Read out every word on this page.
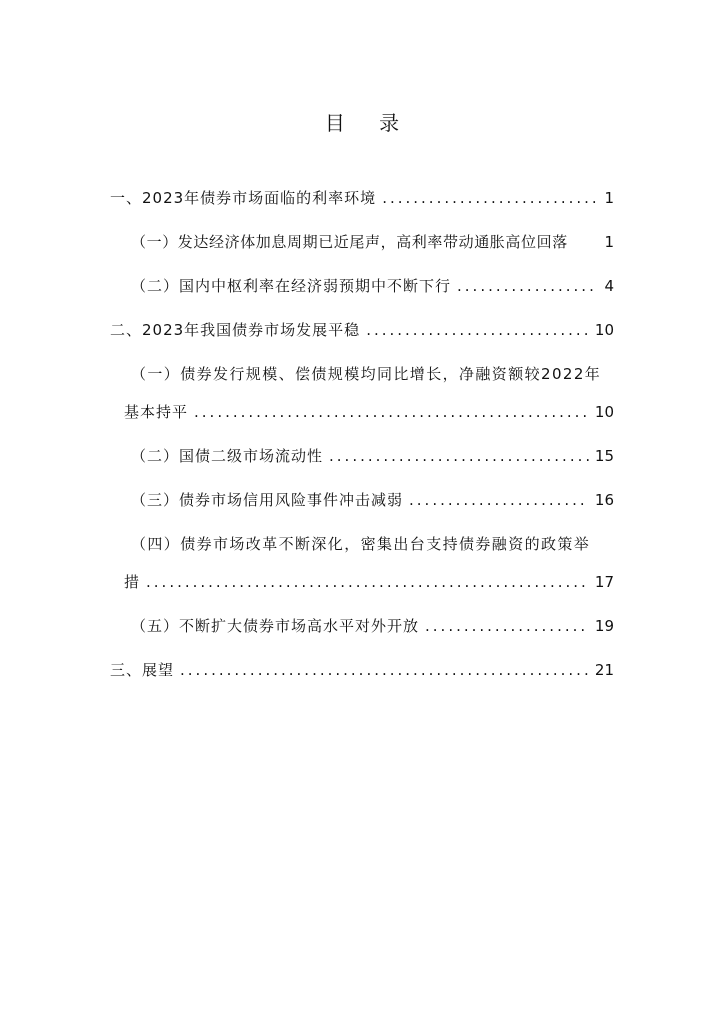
目 录
一、2023年债券市场面临的利率环境 .....	1
（一）发达经济体加息周期已近尾声，高利率带动通胀高位回落	1
（二）国内中枢利率在经济弱预期中不断下行 .....	4
二、2023年我国债券市场发展平稳 .....	10
（一）债券发行规模、偿债规模均同比增长，净融资额较2022年
基本持平 .....	10
（二）国债二级市场流动性 .....	15
（三）债券市场信用风险事件冲击减弱 .....	16
（四）债券市场改革不断深化，密集出台支持债券融资的政策举
措 .....	17
（五）不断扩大债券市场高水平对外开放 .....	19
三、展望 .....	21
